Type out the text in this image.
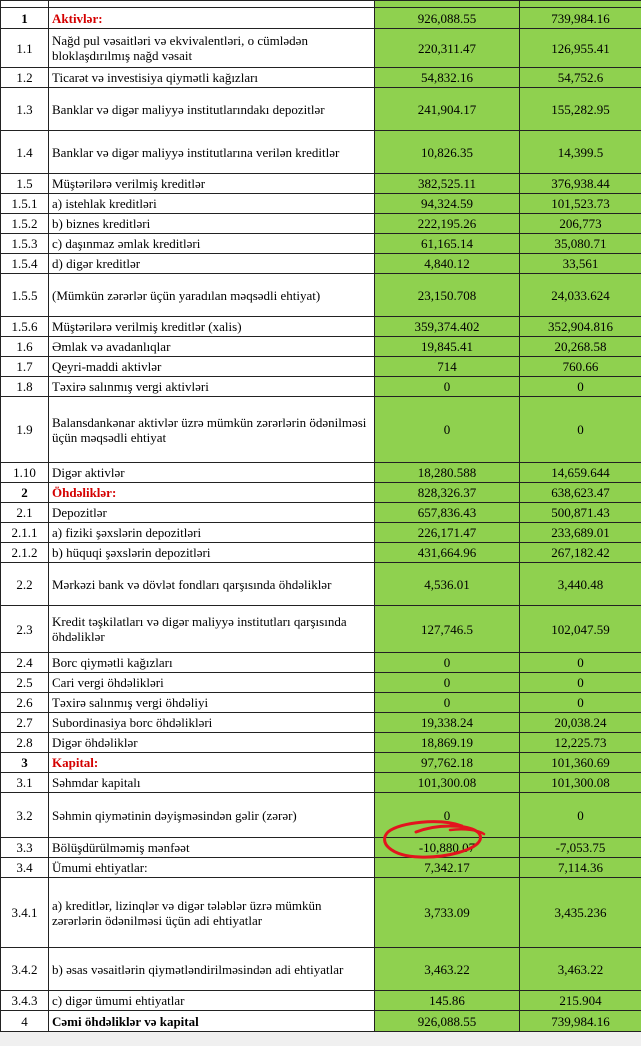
1	Aktivlər:	926,088.55	739,984.16
1.1	Nağd pul vəsaitləri və ekvivalentləri, o cümlədən bloklaşdırılmış nağd vəsait	220,311.47	126,955.41
1.2	Ticarət və investisiya qiymətli kağızları	54,832.16	54,752.6
1.3	Banklar və digər maliyyə institutlarındakı depozitlər	241,904.17	155,282.95
1.4	Banklar və digər maliyyə institutlarına verilən kreditlər	10,826.35	14,399.5
1.5	Müştərilərə verilmiş kreditlər	382,525.11	376,938.44
1.5.1	a) istehlak kreditləri	94,324.59	101,523.73
1.5.2	b) biznes kreditləri	222,195.26	206,773
1.5.3	c) daşınmaz əmlak kreditləri	61,165.14	35,080.71
1.5.4	d) digər kreditlər	4,840.12	33,561
1.5.5	(Mümkün zərərlər üçün yaradılan məqsədli ehtiyat)	23,150.708	24,033.624
1.5.6	Müştərilərə verilmiş kreditlər (xalis)	359,374.402	352,904.816
1.6	Əmlak və avadanlıqlar	19,845.41	20,268.58
1.7	Qeyri-maddi aktivlər	714	760.66
1.8	Təxirə salınmış vergi aktivləri	0	0
1.9	Balansdankənar aktivlər üzrə mümkün zərərlərin ödənilməsi üçün məqsədli ehtiyat	0	0
1.10	Digər aktivlər	18,280.588	14,659.644
2	Öhdəliklər:	828,326.37	638,623.47
2.1	Depozitlər	657,836.43	500,871.43
2.1.1	a) fiziki şəxslərin depozitləri	226,171.47	233,689.01
2.1.2	b) hüquqi şəxslərin depozitləri	431,664.96	267,182.42
2.2	Mərkəzi bank və dövlət fondları qarşısında öhdəliklər	4,536.01	3,440.48
2.3	Kredit təşkilatları və digər maliyyə institutları qarşısında öhdəliklər	127,746.5	102,047.59
2.4	Borc qiymətli kağızları	0	0
2.5	Cari vergi öhdəlikləri	0	0
2.6	Təxirə salınmış vergi öhdəliyi	0	0
2.7	Subordinasiya borc öhdəlikləri	19,338.24	20,038.24
2.8	Digər öhdəliklər	18,869.19	12,225.73
3	Kapital:	97,762.18	101,360.69
3.1	Səhmdar kapitalı	101,300.08	101,300.08
3.2	Səhmin qiymətinin dəyişməsindən gəlir (zərər)	0	0
3.3	Bölüşdürülməmiş mənfəət	-10,880.07	-7,053.75
3.4	Ümumi ehtiyatlar:	7,342.17	7,114.36
3.4.1	a) kreditlər, lizinqlər və digər tələblər üzrə mümkün zərərlərin ödənilməsi üçün adi ehtiyatlar	3,733.09	3,435.236
3.4.2	b) əsas vəsaitlərin qiymətləndirilməsindən adi ehtiyatlar	3,463.22	3,463.22
3.4.3	c) digər ümumi ehtiyatlar	145.86	215.904
4	Cəmi öhdəliklər və kapital	926,088.55	739,984.16
